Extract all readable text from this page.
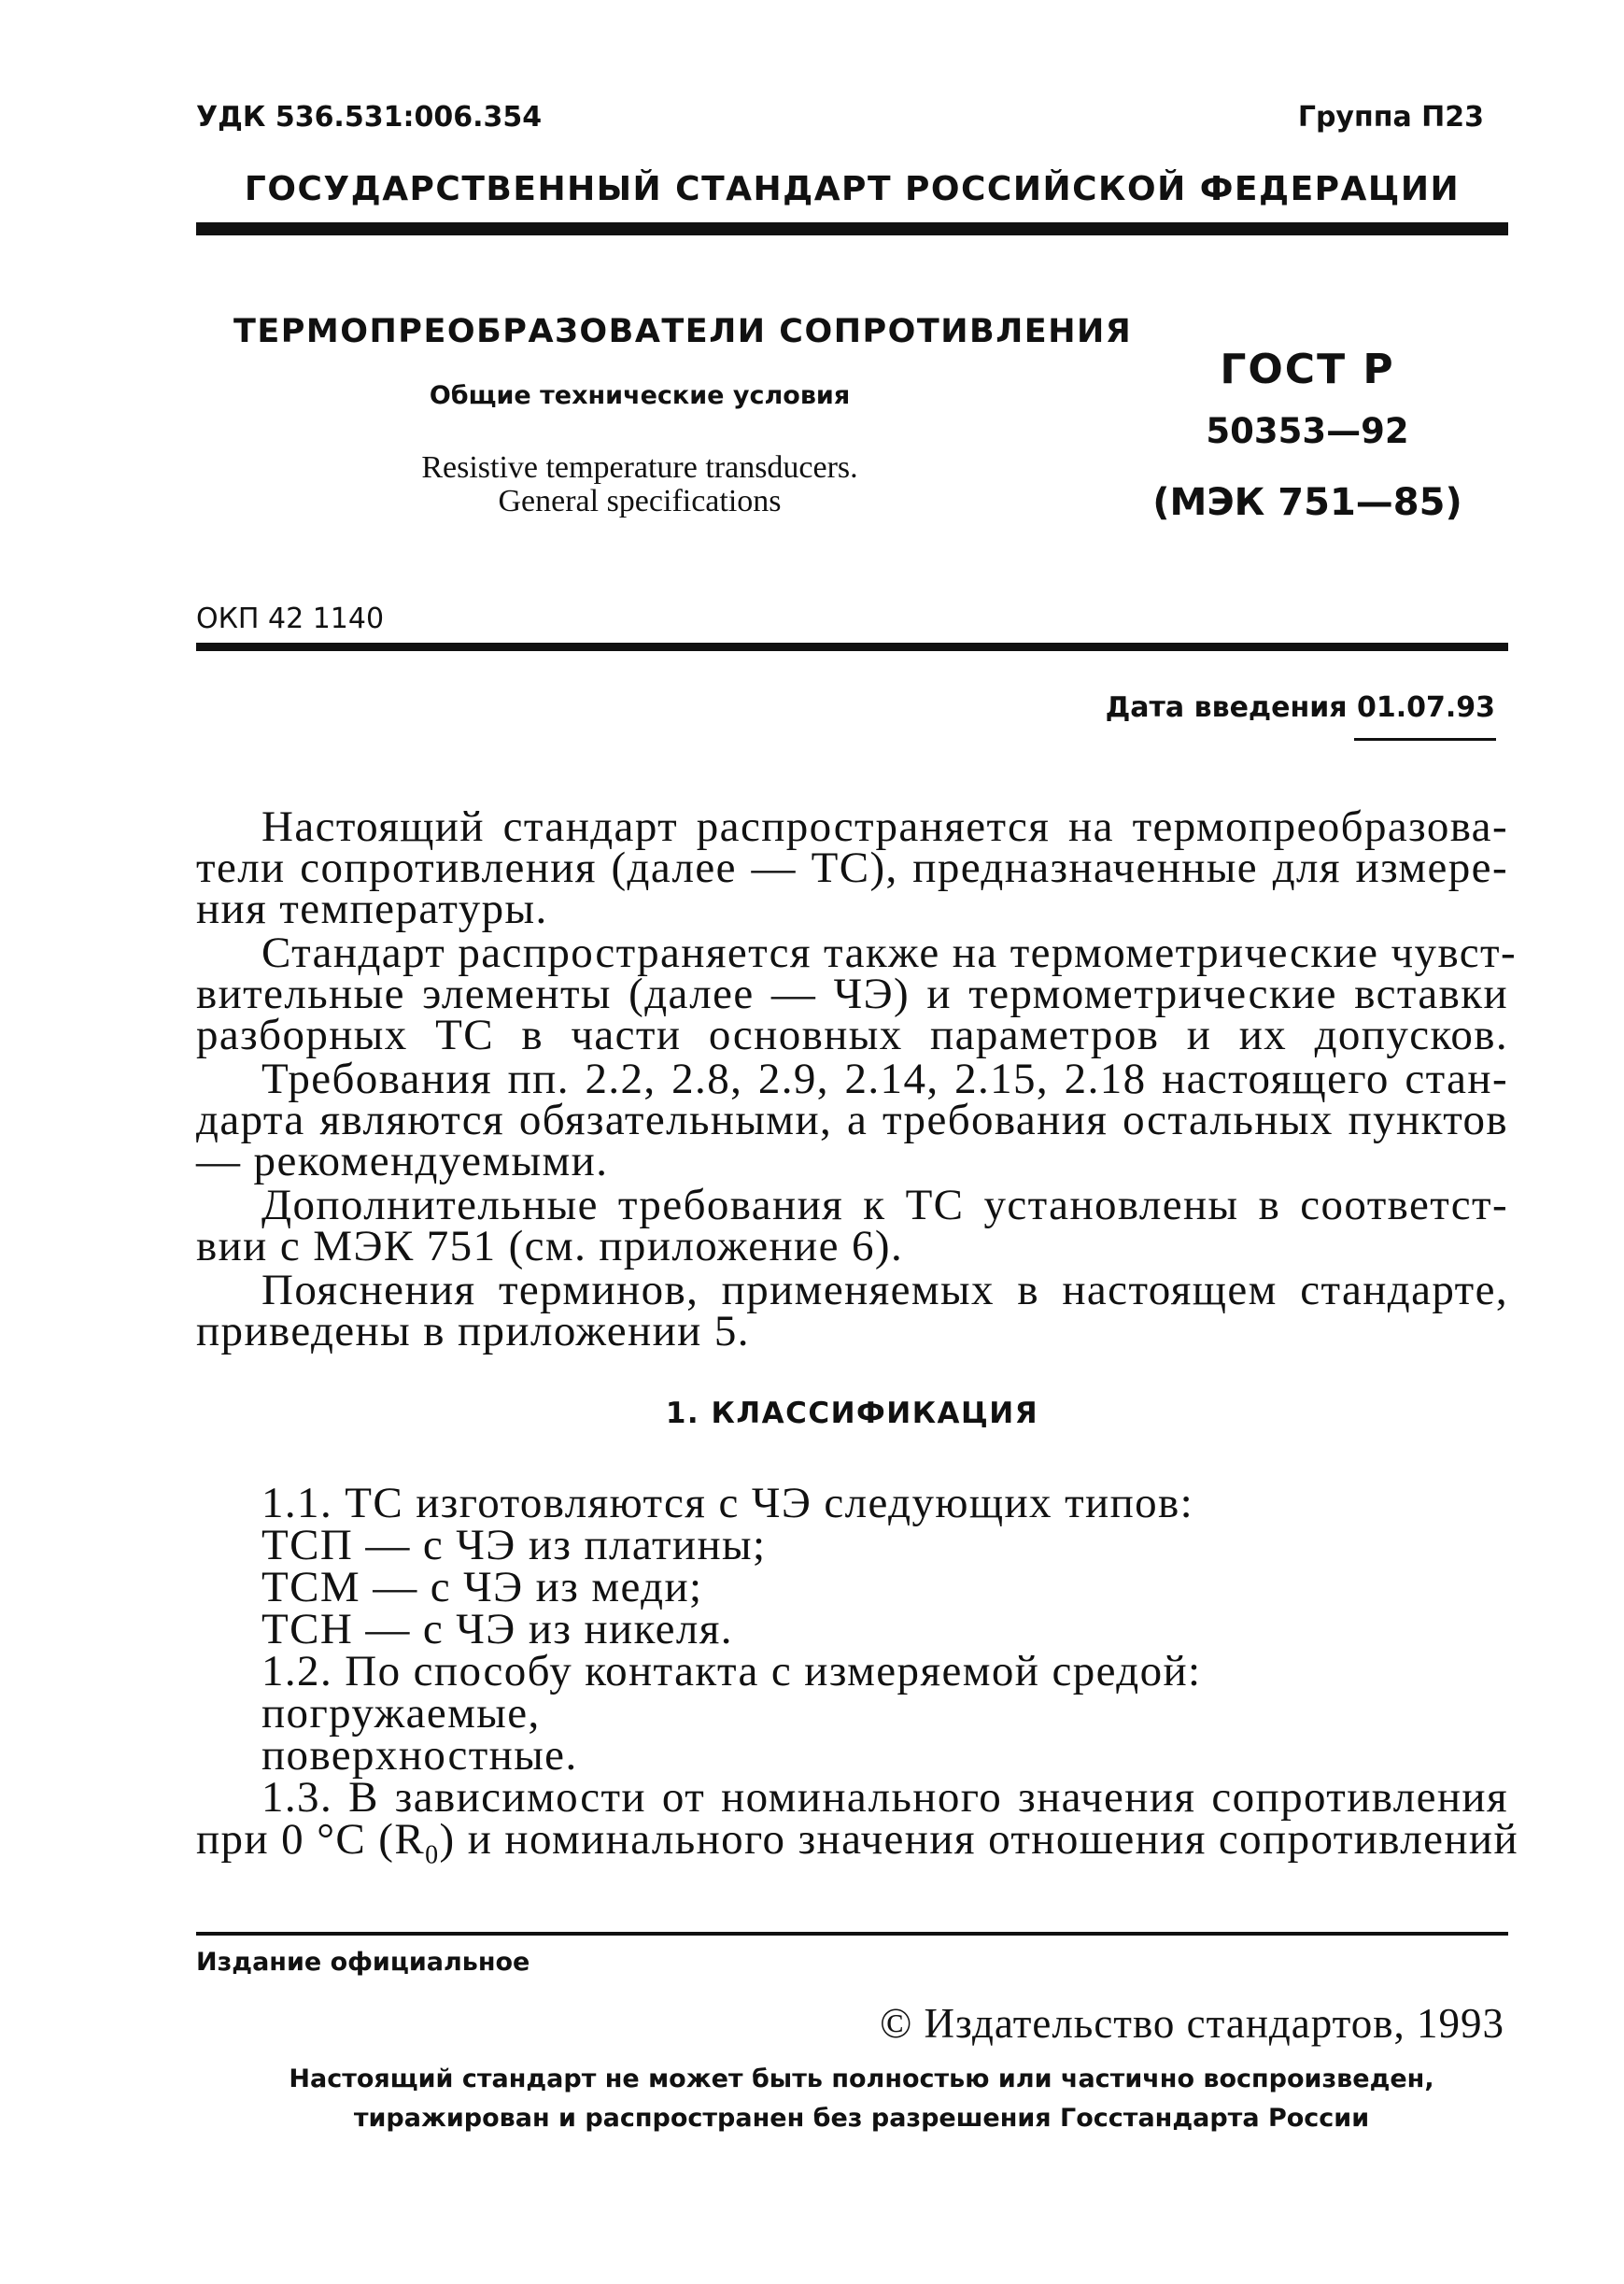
УДК 536.531:006.354	Группа П23
ГОСУДАРСТВЕННЫЙ СТАНДАРТ РОССИЙСКОЙ ФЕДЕРАЦИИ
ТЕРМОПРЕОБРАЗОВАТЕЛИ СОПРОТИВЛЕНИЯ
Общие технические условия
Resistive temperature transducers.
General specifications
ГОСТ Р
50353—92
(МЭК 751—85)
ОКП 42 1140
Дата введения 01.07.93
Настоящий стандарт распространяется на термопреобразова-
тели сопротивления (далее — ТС), предназначенные для измере-
ния температуры.
Стандарт распространяется также на термометрические чувст-
вительные элементы (далее — ЧЭ) и термометрические вставки
разборных ТС в части основных параметров и их допусков.
Требования пп. 2.2, 2.8, 2.9, 2.14, 2.15, 2.18 настоящего стан-
дарта являются обязательными, а требования остальных пунктов
— рекомендуемыми.
Дополнительные требования к ТС установлены в соответст-
вии с МЭК 751 (см. приложение 6).
Пояснения терминов, применяемых в настоящем стандарте,
приведены в приложении 5.
1. КЛАССИФИКАЦИЯ
1.1. ТС изготовляются с ЧЭ следующих типов:
ТСП — с ЧЭ из платины;
ТСМ — с ЧЭ из меди;
ТСН — с ЧЭ из никеля.
1.2. По способу контакта с измеряемой средой:
погружаемые,
поверхностные.
1.3. В зависимости от номинального значения сопротивления
при 0 °С $(R_0)$ и номинального значения отношения сопротивлений
Издание официальное
© Издательство стандартов, 1993
Настоящий стандарт не может быть полностью или частично воспроизведен,
тиражирован и распространен без разрешения Госстандарта России
